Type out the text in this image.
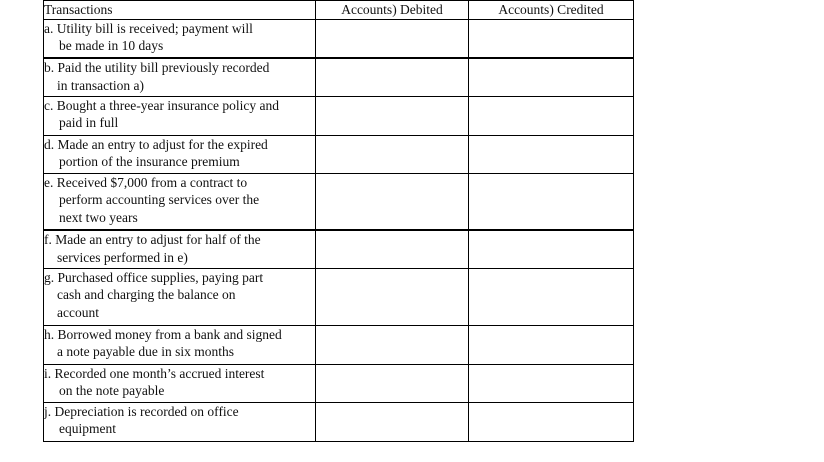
Transactions	Accounts) Debited	Accounts) Credited

a. Utility bill is received; payment will
be made in 10 days		

b. Paid the utility bill previously recorded
in transaction a)		

c. Bought a three-year insurance policy and
paid in full		

d. Made an entry to adjust for the expired
portion of the insurance premium		

e. Received $7,000 from a contract to
perform accounting services over the
next two years		

f. Made an entry to adjust for half of the
services performed in e)		

g. Purchased office supplies, paying part
cash and charging the balance on
account		

h. Borrowed money from a bank and signed
a note payable due in six months		

i. Recorded one month’s accrued interest
on the note payable		

j. Depreciation is recorded on office
equipment		
